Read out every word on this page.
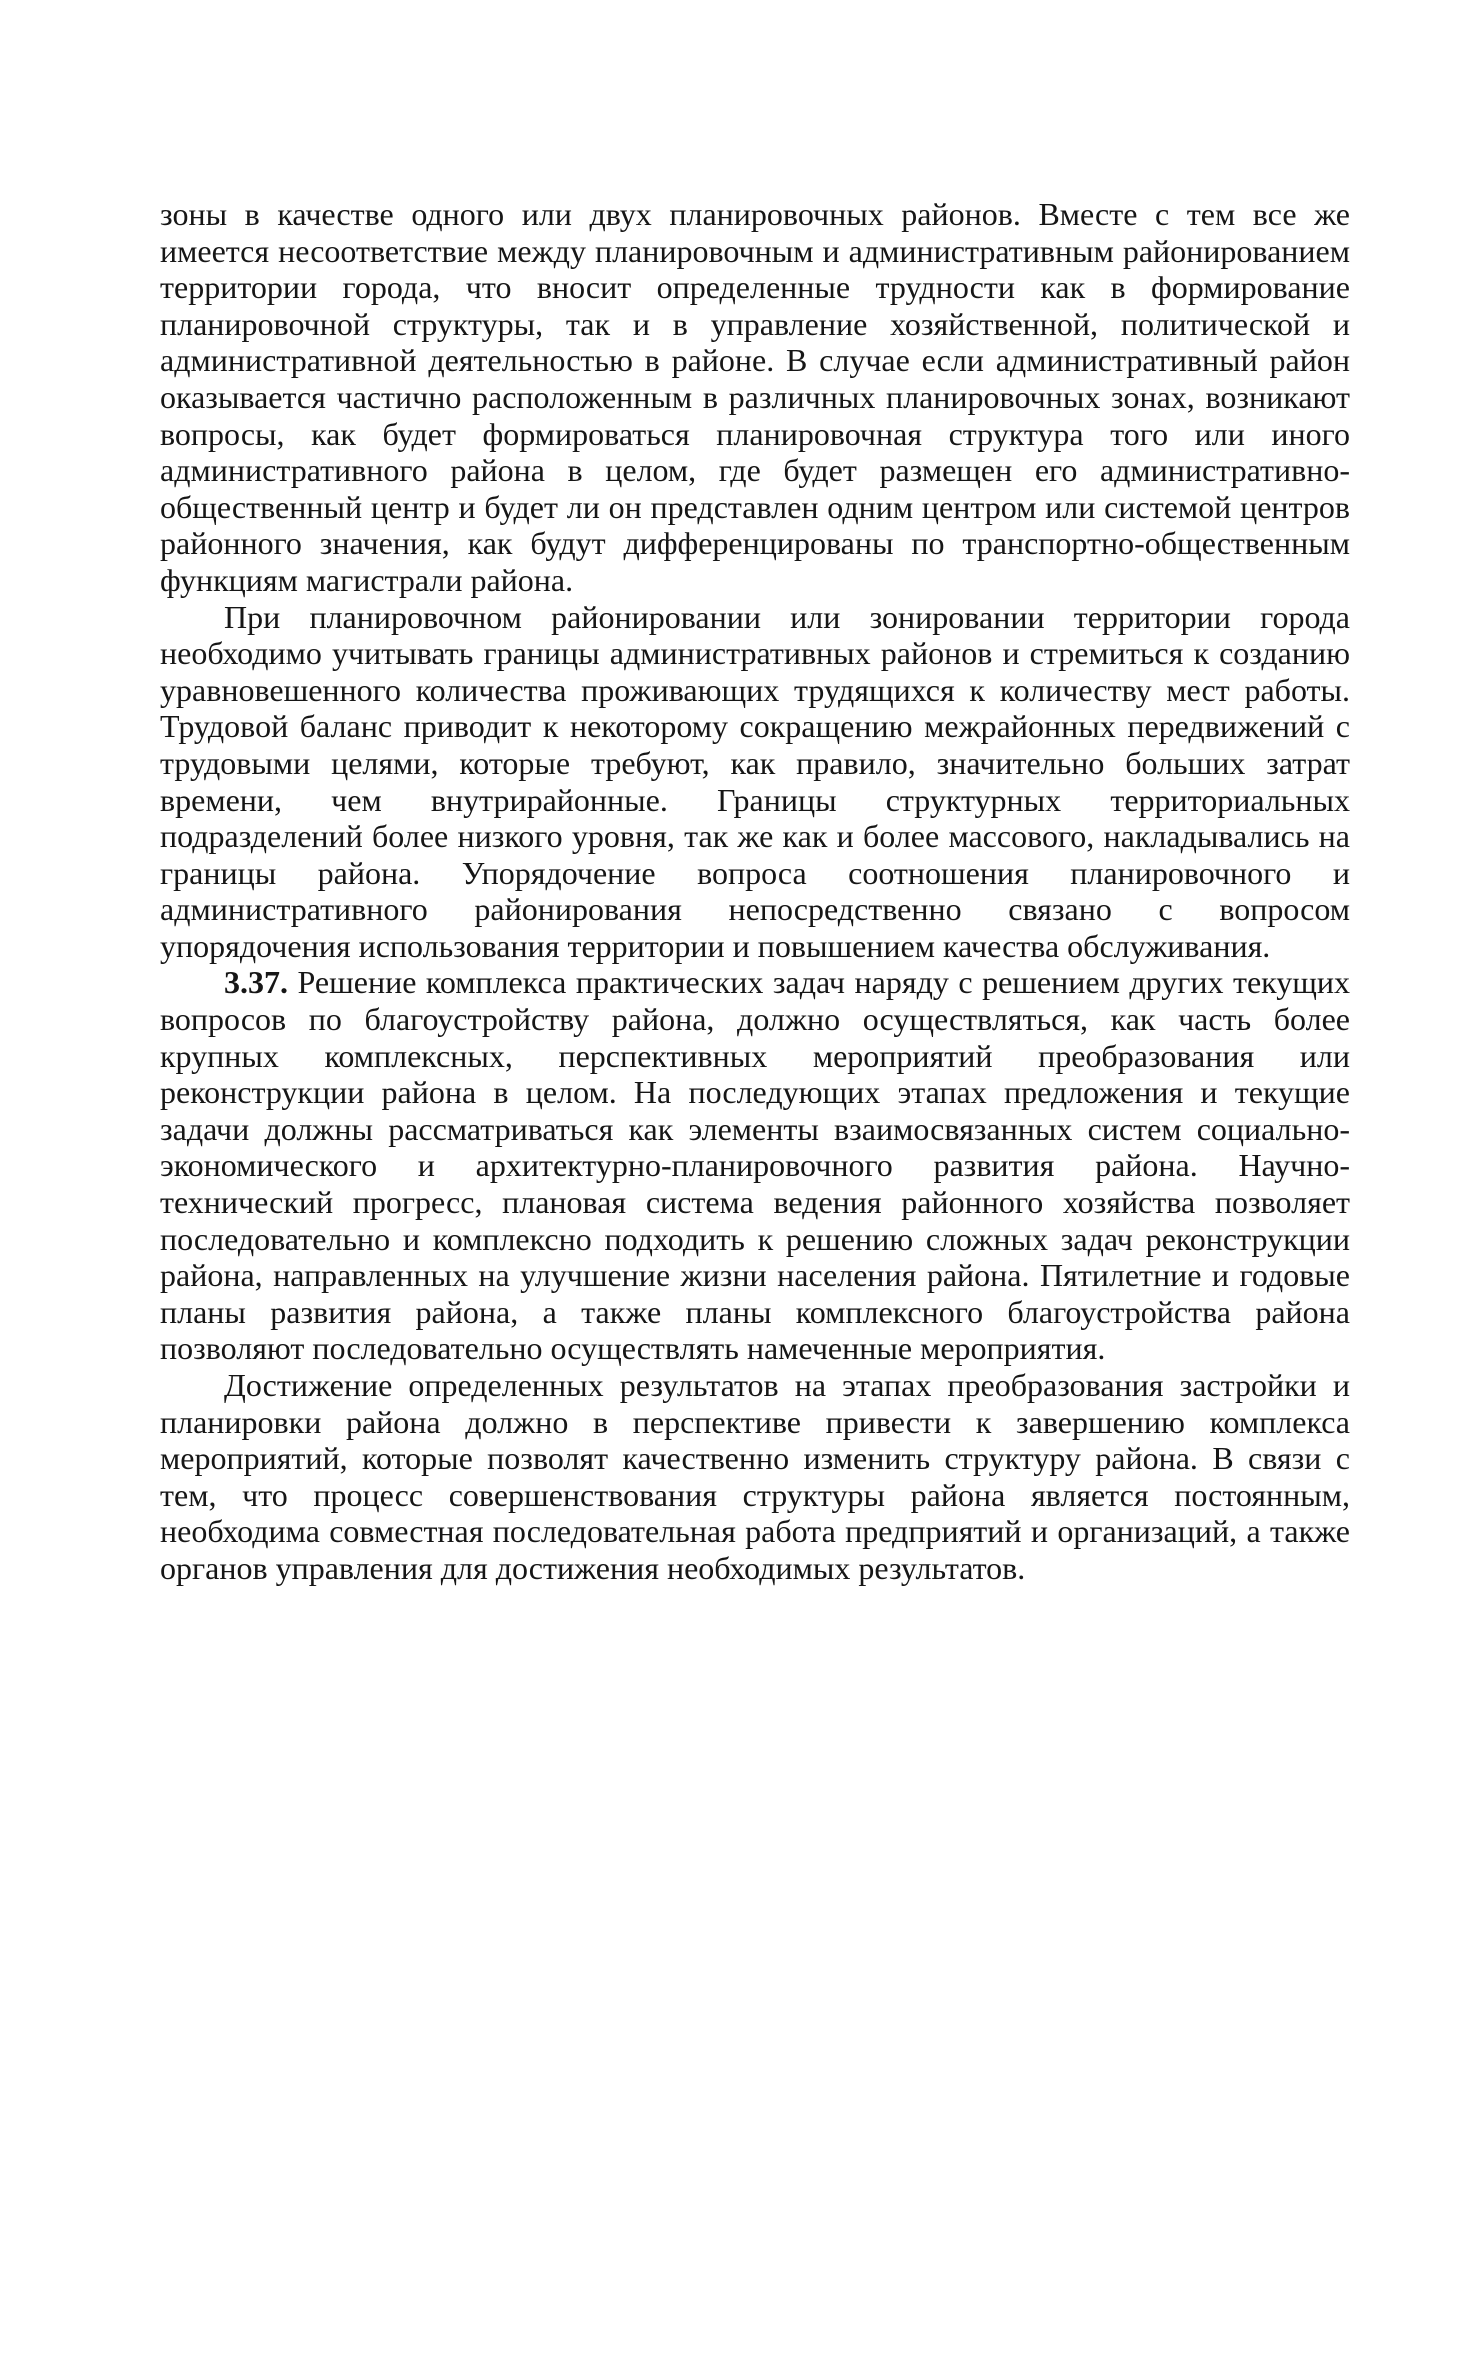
зоны в качестве одного или двух планировочных районов. Вместе с тем все же имеется несоответствие между планировочным и административным районированием территории города, что вносит определенные трудности как в формирование планировочной структуры, так и в управление хозяйственной, политической и административной деятельностью в районе. В случае если административный район оказывается частично расположенным в различных планировочных зонах, возникают вопросы, как будет формироваться планировочная структура того или иного административного района в целом, где будет размещен его административно-общественный центр и будет ли он представлен одним центром или системой центров районного значения, как будут дифференцированы по транспортно-общественным функциям магистрали района.

При планировочном районировании или зонировании территории города необходимо учитывать границы административных районов и стремиться к созданию уравновешенного количества проживающих трудящихся к количеству мест работы. Трудовой баланс приводит к некоторому сокращению межрайонных передвижений с трудовыми целями, которые требуют, как правило, значительно больших затрат времени, чем внутрирайонные. Границы структурных территориальных подразделений более низкого уровня, так же как и более массового, накладывались на границы района. Упорядочение вопроса соотношения планировочного и административного районирования непосредственно связано с вопросом упорядочения использования территории и повышением качества обслуживания.

3.37. Решение комплекса практических задач наряду с решением других текущих вопросов по благоустройству района, должно осуществляться, как часть более крупных комплексных, перспективных мероприятий преобразования или реконструкции района в целом. На последующих этапах предложения и текущие задачи должны рассматриваться как элементы взаимосвязанных систем социально-экономического и архитектурно-планировочного развития района. Научно-технический прогресс, плановая система ведения районного хозяйства позволяет последовательно и комплексно подходить к решению сложных задач реконструкции района, направленных на улучшение жизни населения района. Пятилетние и годовые планы развития района, а также планы комплексного благоустройства района позволяют последовательно осуществлять намеченные мероприятия.

Достижение определенных результатов на этапах преобразования застройки и планировки района должно в перспективе привести к завершению комплекса мероприятий, которые позволят качественно изменить структуру района. В связи с тем, что процесс совершенствования структуры района является постоянным, необходима совместная последовательная работа предприятий и организаций, а также органов управления для достижения необходимых результатов.
